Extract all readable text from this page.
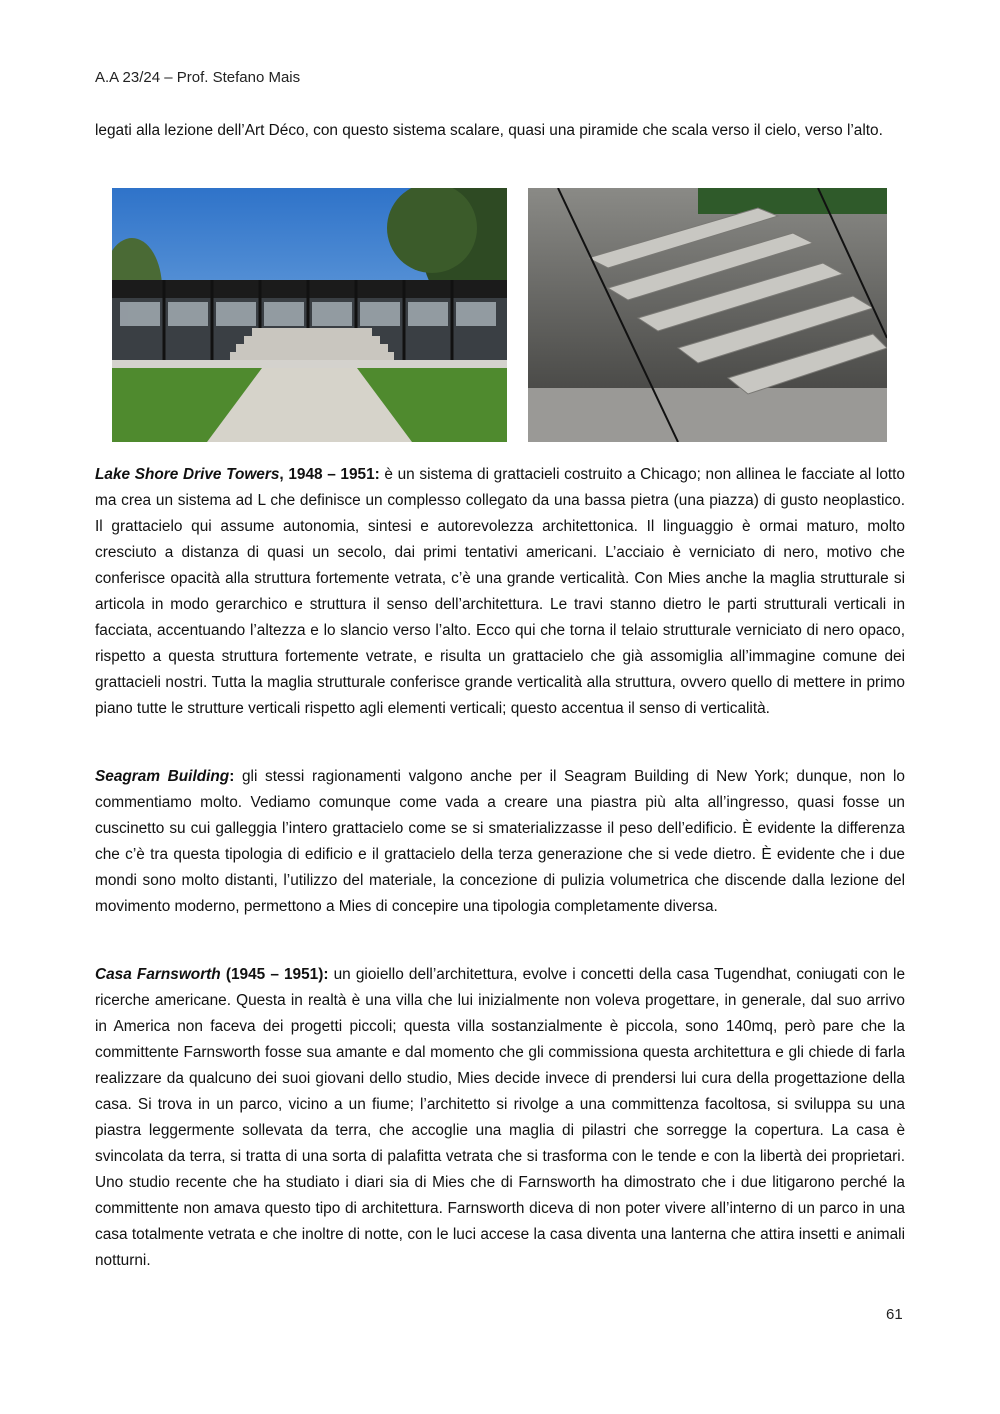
A.A 23/24 – Prof. Stefano Mais

legati alla lezione dell’Art Déco, con questo sistema scalare, quasi una piramide che scala verso il cielo, verso l’alto.

Lake Shore Drive Towers, 1948 – 1951: è un sistema di grattacieli costruito a Chicago; non allinea le facciate al lotto ma crea un sistema ad L che definisce un complesso collegato da una bassa pietra (una piazza) di gusto neoplastico. Il grattacielo qui assume autonomia, sintesi e autorevolezza architettonica. Il linguaggio è ormai maturo, molto cresciuto a distanza di quasi un secolo, dai primi tentativi americani. L’acciaio è verniciato di nero, motivo che conferisce opacità alla struttura fortemente vetrata, c’è una grande verticalità. Con Mies anche la maglia strutturale si articola in modo gerarchico e struttura il senso dell’architettura. Le travi stanno dietro le parti strutturali verticali in facciata, accentuando l’altezza e lo slancio verso l’alto. Ecco qui che torna il telaio strutturale verniciato di nero opaco, rispetto a questa struttura fortemente vetrate, e risulta un grattacielo che già assomiglia all’immagine comune dei grattacieli nostri. Tutta la maglia strutturale conferisce grande verticalità alla struttura, ovvero quello di mettere in primo piano tutte le strutture verticali rispetto agli elementi verticali; questo accentua il senso di verticalità.

Seagram Building: gli stessi ragionamenti valgono anche per il Seagram Building di New York; dunque, non lo commentiamo molto. Vediamo comunque come vada a creare una piastra più alta all’ingresso, quasi fosse un cuscinetto su cui galleggia l’intero grattacielo come se si smaterializzasse il peso dell’edificio. È evidente la differenza che c’è tra questa tipologia di edificio e il grattacielo della terza generazione che si vede dietro. È evidente che i due mondi sono molto distanti, l’utilizzo del materiale, la concezione di pulizia volumetrica che discende dalla lezione del movimento moderno, permettono a Mies di concepire una tipologia completamente diversa.

Casa Farnsworth (1945 – 1951): un gioiello dell’architettura, evolve i concetti della casa Tugendhat, coniugati con le ricerche americane. Questa in realtà è una villa che lui inizialmente non voleva progettare, in generale, dal suo arrivo in America non faceva dei progetti piccoli; questa villa sostanzialmente è piccola, sono 140mq, però pare che la committente Farnsworth fosse sua amante e dal momento che gli commissiona questa architettura e gli chiede di farla realizzare da qualcuno dei suoi giovani dello studio, Mies decide invece di prendersi lui cura della progettazione della casa. Si trova in un parco, vicino a un fiume; l’architetto si rivolge a una committenza facoltosa, si sviluppa su una piastra leggermente sollevata da terra, che accoglie una maglia di pilastri che sorregge la copertura. La casa è svincolata da terra, si tratta di una sorta di palafitta vetrata che si trasforma con le tende e con la libertà dei proprietari. Uno studio recente che ha studiato i diari sia di Mies che di Farnsworth ha dimostrato che i due litigarono perché la committente non amava questo tipo di architettura. Farnsworth diceva di non poter vivere all’interno di un parco in una casa totalmente vetrata e che inoltre di notte, con le luci accese la casa diventa una lanterna che attira insetti e animali notturni.

61
